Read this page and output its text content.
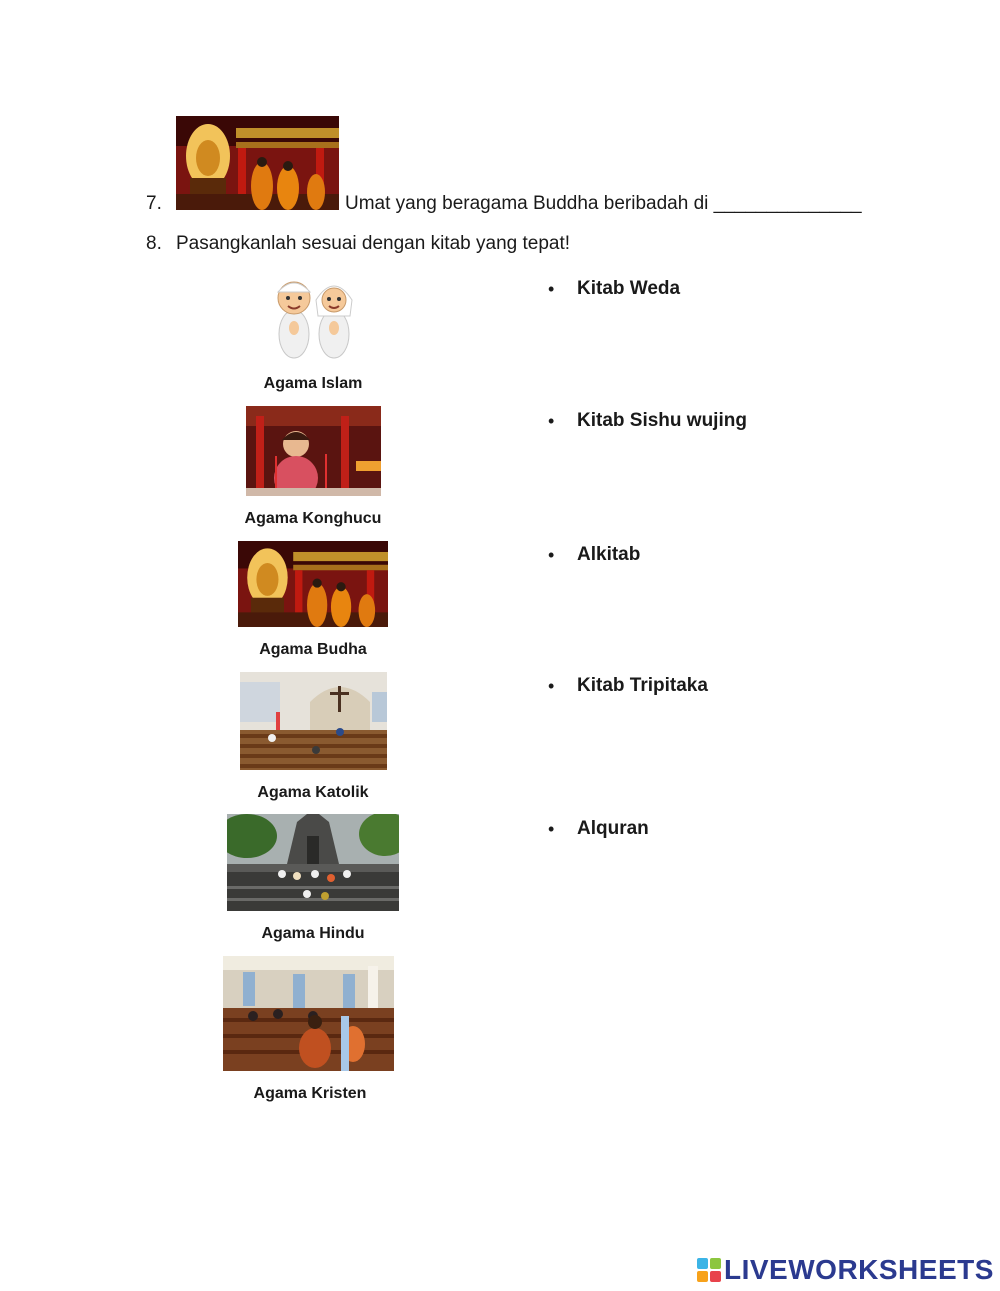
7.	Umat yang beragama Buddha beribadah di ______________
8. Pasangkanlah sesuai dengan kitab yang tepat!
Agama Islam
Agama Konghucu
Agama Budha
Agama Katolik
Agama Hindu
Agama Kristen
• Kitab Weda
• Kitab Sishu wujing
• Alkitab
• Kitab Tripitaka
• Alquran
LIVEWORKSHEETS
